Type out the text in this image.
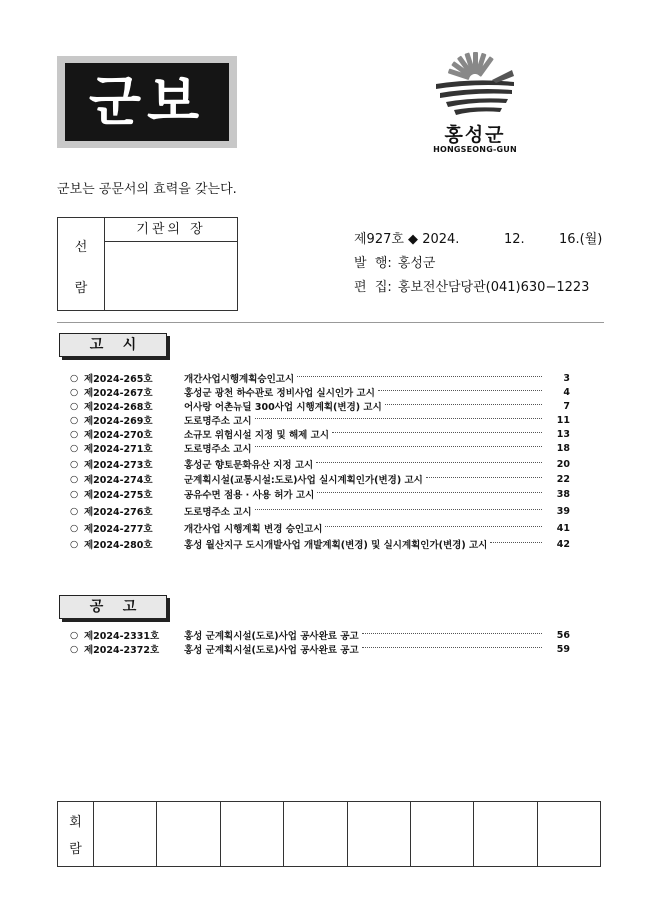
군보
홍성군
HONGSEONG-GUN
군보는 공문서의 효력을 갖는다.
선
람
기관의 장
제927호 ◆ 2024.	12.	16.(월)
발  행: 홍성군
편  집: 홍보전산담당관(041)630−1223
고    시
○ 제2024-265호	개간사업시행계획승인고시	3
○ 제2024-267호	홍성군 광천 하수관로 정비사업 실시인가 고시	4
○ 제2024-268호	어사랑 어촌뉴딜 300사업 시행계획(변경) 고시	7
○ 제2024-269호	도로명주소 고시	11
○ 제2024-270호	소규모 위험시설 지정 및 해제 고시	13
○ 제2024-271호	도로명주소 고시	18
○ 제2024-273호	홍성군 향토문화유산 지정 고시	20
○ 제2024-274호	군계획시설(교통시설:도로)사업 실시계획인가(변경) 고시	22
○ 제2024-275호	공유수면 점용 · 사용 허가 고시	38
○ 제2024-276호	도로명주소 고시	39
○ 제2024-277호	개간사업 시행계획 변경 승인고시	41
○ 제2024-280호	홍성 월산지구 도시개발사업 개발계획(변경) 및 실시계획인가(변경) 고시	42
공    고
○ 제2024-2331호	홍성 군계획시설(도로)사업 공사완료 공고	56
○ 제2024-2372호	홍성 군계획시설(도로)사업 공사완료 공고	59
회
람
